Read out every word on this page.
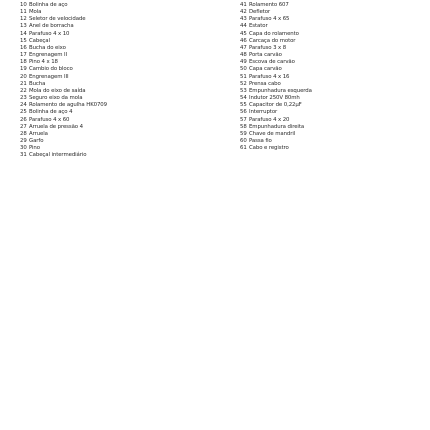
10 Bolinha de aço
11 Mola
12 Seletor de velocidade
13 Anel de borracha
14 Parafuso 4 x 10
15 Cabeçal
16 Bucha do eixo
17 Engrenagem II
18 Pino 4 x 18
19 Cambio do bloco
20 Engrenagem III
21 Bucha
22 Mola do eixo de saída
23 Seguro eixo da mola
24 Rolamento de agulha HK0709
25 Bolinha de aço 4
26 Parafuso 4 x 60
27 Arruela de pressão 4
28 Arruela
29 Garfo
30 Pino
31 Cabeçal intermediário
41 Rolamento 607
42 Defletor
43 Parafuso 4 x 65
44 Estator
45 Capa do rolamento
46 Carcaça do motor
47 Parafuso 3 x 8
48 Porta carvão
49 Escova de carvão
50 Capa carvão
51 Parafuso 4 x 16
52 Prensa cabo
53 Empunhadura esquerda
54 Indutor 250V 80mh
55 Capacitor de 0,22µF
56 Interruptor
57 Parafuso 4 x 20
58 Empunhadura direita
59 Chave de mandril
60 Passa fio
61 Cabo e registro
